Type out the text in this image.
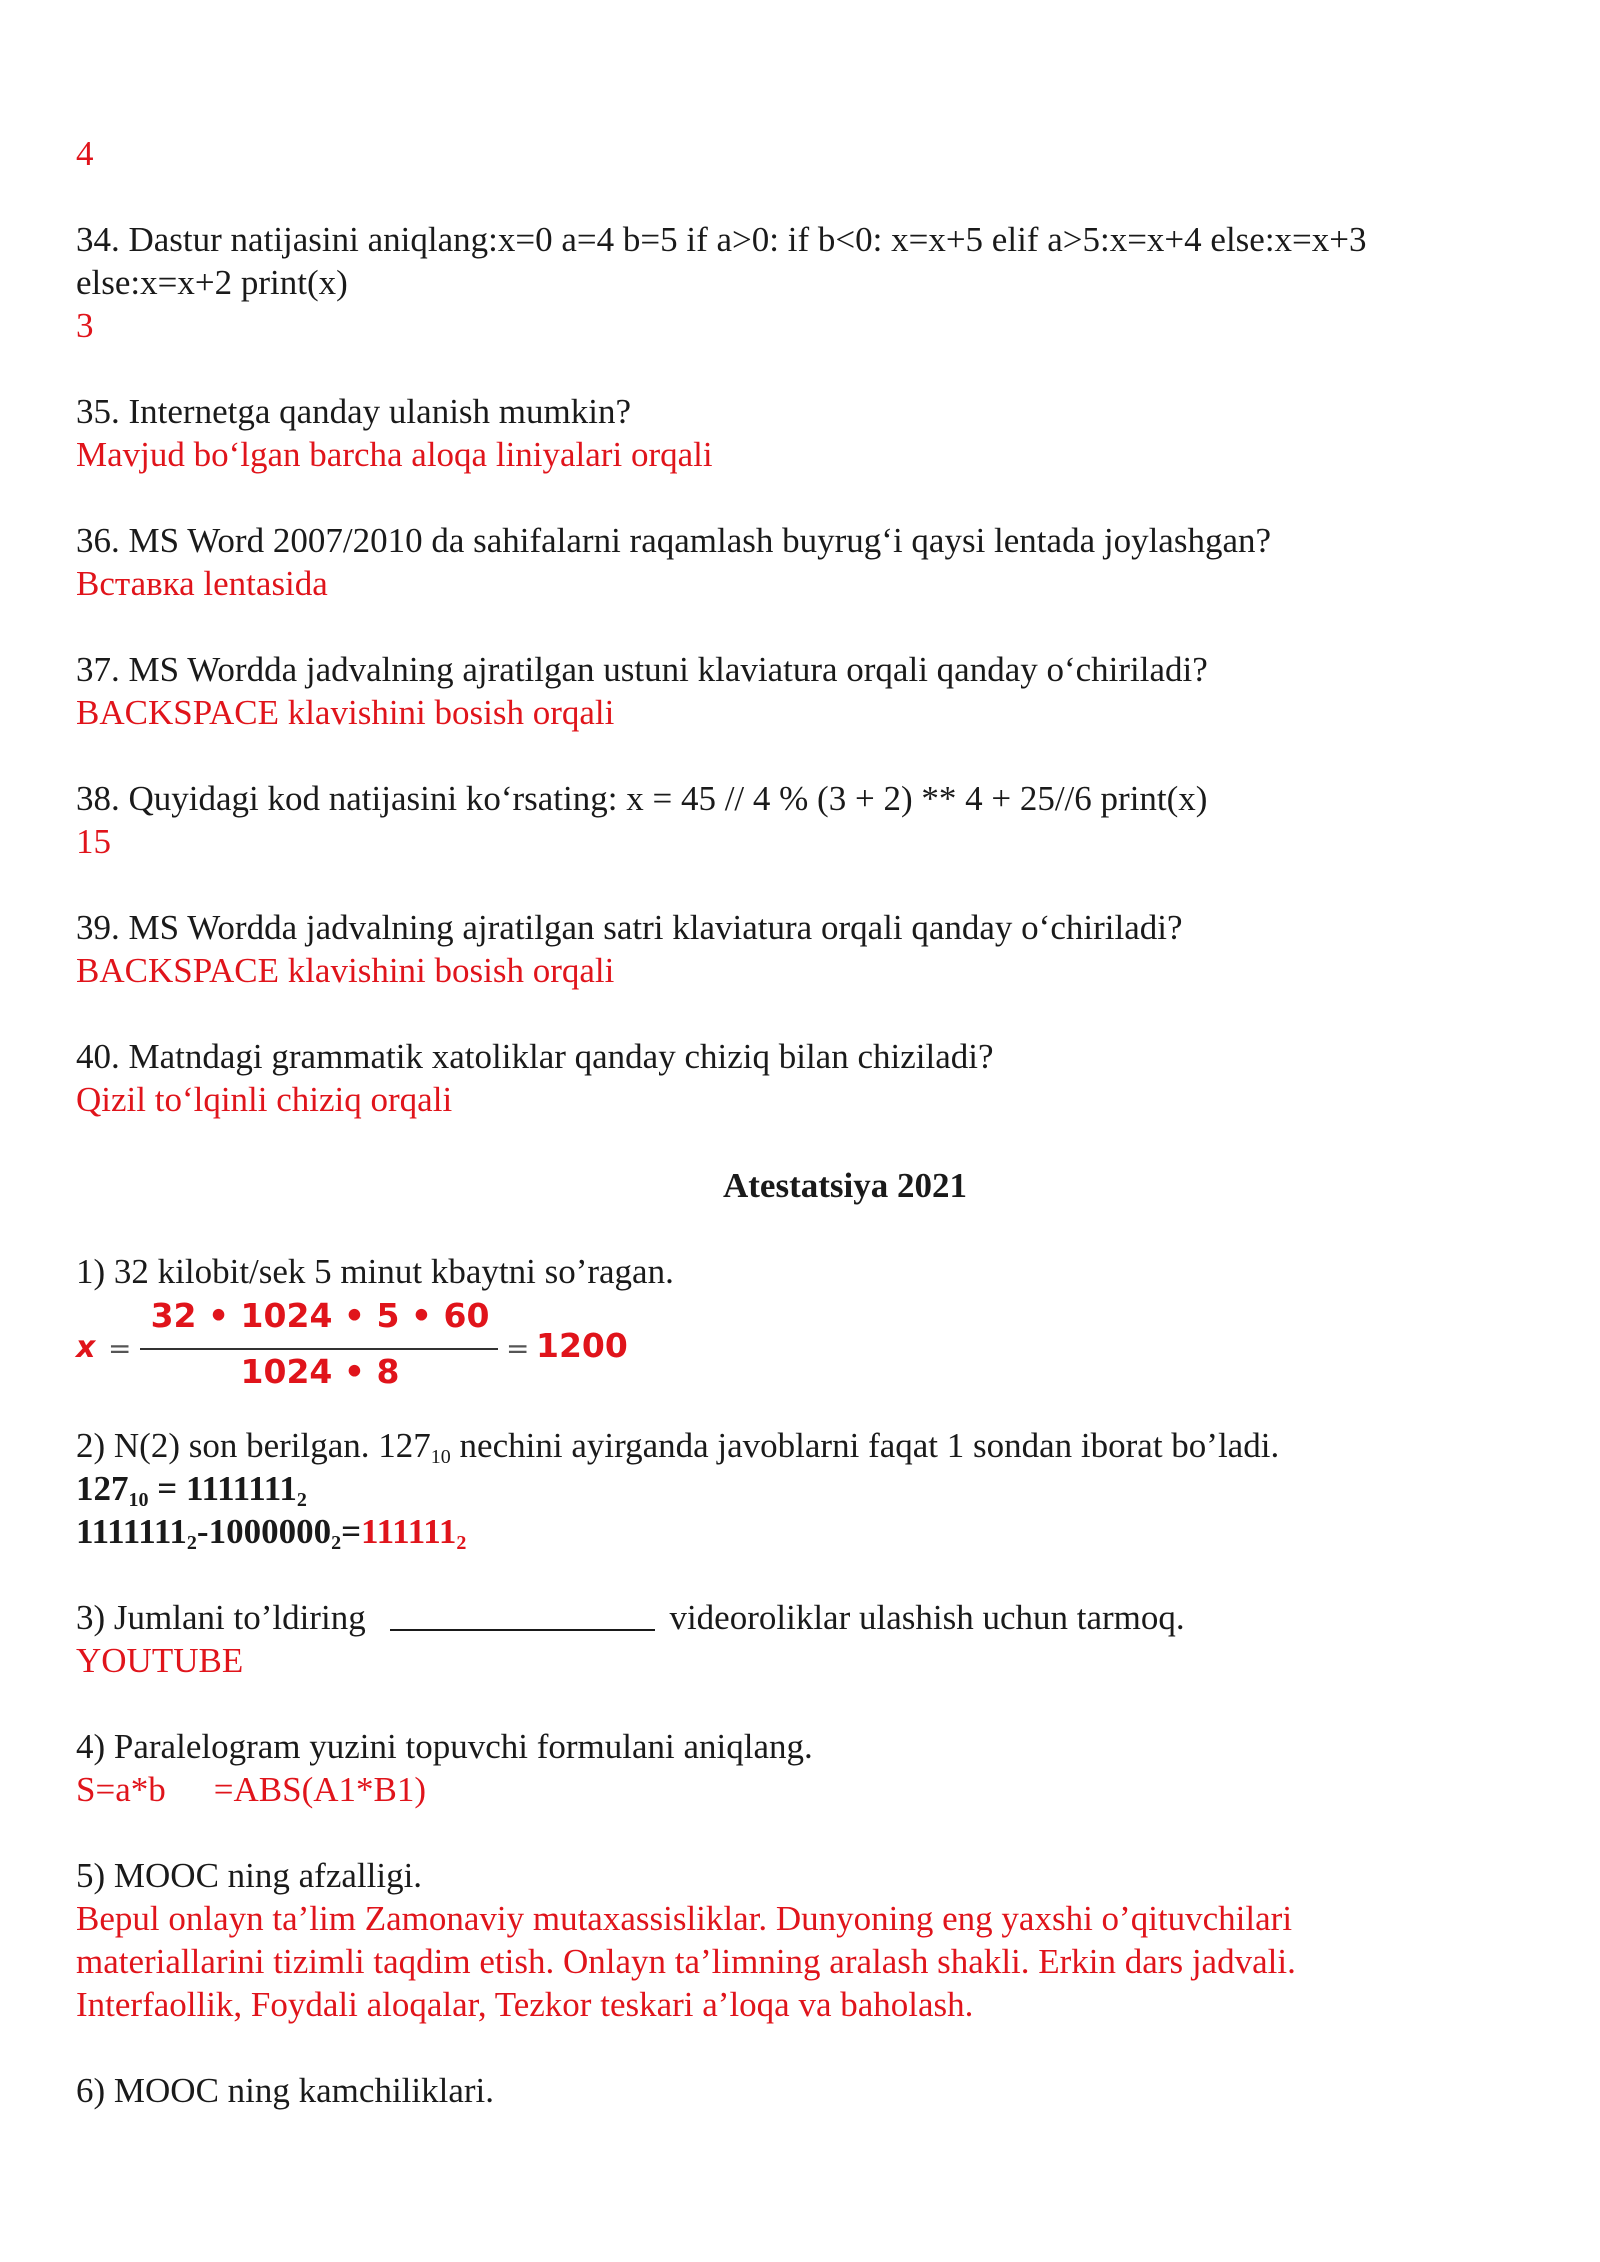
4
34. Dastur natijasini aniqlang:x=0 a=4 b=5 if a>0: if b<0: x=x+5 elif a>5:x=x+4 else:x=x+3
else:x=x+2 print(x)
3
35. Internetga qanday ulanish mumkin?
Mavjud bo‘lgan barcha aloqa liniyalari orqali
36. MS Word 2007/2010 da sahifalarni raqamlash buyrug‘i qaysi lentada joylashgan?
Вставка lentasida
37. MS Wordda jadvalning ajratilgan ustuni klaviatura orqali qanday o‘chiriladi?
BACKSPACE klavishini bosish orqali
38. Quyidagi kod natijasini ko‘rsating: x = 45 // 4 % (3 + 2) ** 4 + 25//6 print(x)
15
39. MS Wordda jadvalning ajratilgan satri klaviatura orqali qanday o‘chiriladi?
BACKSPACE klavishini bosish orqali
40. Matndagi grammatik xatoliklar qanday chiziq bilan chiziladi?
Qizil to‘lqinli chiziq orqali
Atestatsiya 2021
1) 32 kilobit/sek 5 minut kbaytni so’ragan.
x =
32 • 1024 • 5 • 60
1024 • 8
= 1200
2) N(2) son berilgan. $127_{10}$ nechini ayirganda javoblarni faqat 1 sondan iborat bo’ladi.
$127_{10} = 1111111_2$
$1111111_2-1000000_2=111111_2$
3) Jumlani to’ldiring	videoroliklar ulashish uchun tarmoq.
YOUTUBE
4) Paralelogram yuzini topuvchi formulani aniqlang.
S=a*b =ABS(A1*B1)
5) MOOC ning afzalligi.
Bepul onlayn ta’lim Zamonaviy mutaxassisliklar. Dunyoning eng yaxshi o’qituvchilari
materiallarini tizimli taqdim etish. Onlayn ta’limning aralash shakli. Erkin dars jadvali.
Interfaollik, Foydali aloqalar, Tezkor teskari a’loqa va baholash.
6) MOOC ning kamchiliklari.
